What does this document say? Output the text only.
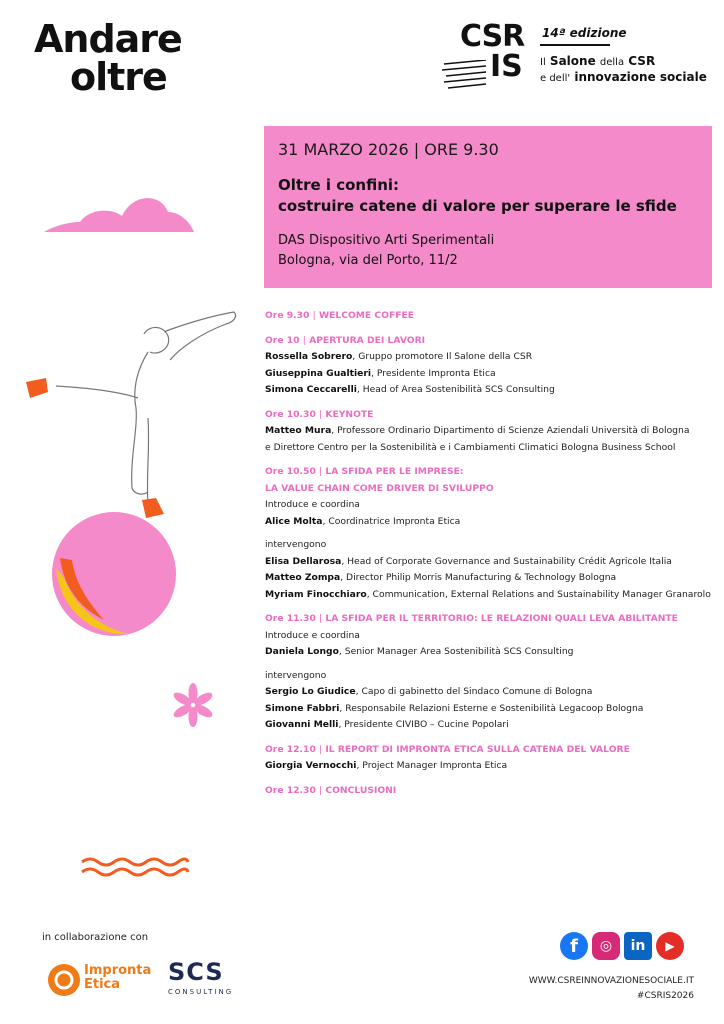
Andare
oltre
CSR
IS
14ª edizione
Il Salone della CSR
e dell' innovazione sociale
31 MARZO 2026 | ORE 9.30
Oltre i confini:
costruire catene di valore per superare le sfide
DAS Dispositivo Arti Sperimentali
Bologna, via del Porto, 11/2
Ore 9.30 | WELCOME COFFEE
Ore 10 | APERTURA DEI LAVORI
Rossella Sobrero, Gruppo promotore Il Salone della CSR
Giuseppina Gualtieri, Presidente Impronta Etica
Simona Ceccarelli, Head of Area Sostenibilità SCS Consulting
Ore 10.30 | KEYNOTE
Matteo Mura, Professore Ordinario Dipartimento di Scienze Aziendali Università di Bologna
e Direttore Centro per la Sostenibilità e i Cambiamenti Climatici Bologna Business School
Ore 10.50 | LA SFIDA PER LE IMPRESE:
LA VALUE CHAIN COME DRIVER DI SVILUPPO
Introduce e coordina
Alice Molta, Coordinatrice Impronta Etica
intervengono
Elisa Dellarosa, Head of Corporate Governance and Sustainability Crédit Agricole Italia
Matteo Zompa, Director Philip Morris Manufacturing & Technology Bologna
Myriam Finocchiaro, Communication, External Relations and Sustainability Manager Granarolo
Ore 11.30 | LA SFIDA PER IL TERRITORIO: LE RELAZIONI QUALI LEVA ABILITANTE
Introduce e coordina
Daniela Longo, Senior Manager Area Sostenibilità SCS Consulting
intervengono
Sergio Lo Giudice, Capo di gabinetto del Sindaco Comune di Bologna
Simone Fabbri, Responsabile Relazioni Esterne e Sostenibilità Legacoop Bologna
Giovanni Melli, Presidente CIVIBO – Cucine Popolari
Ore 12.10 | IL REPORT DI IMPRONTA ETICA SULLA CATENA DEL VALORE
Giorgia Vernocchi, Project Manager Impronta Etica
Ore 12.30 | CONCLUSIONI
in collaborazione con
Impronta
Etica	SCS
CONSULTING
f	◎	in	▶
WWW.CSREINNOVAZIONESOCIALE.IT
#CSRIS2026
